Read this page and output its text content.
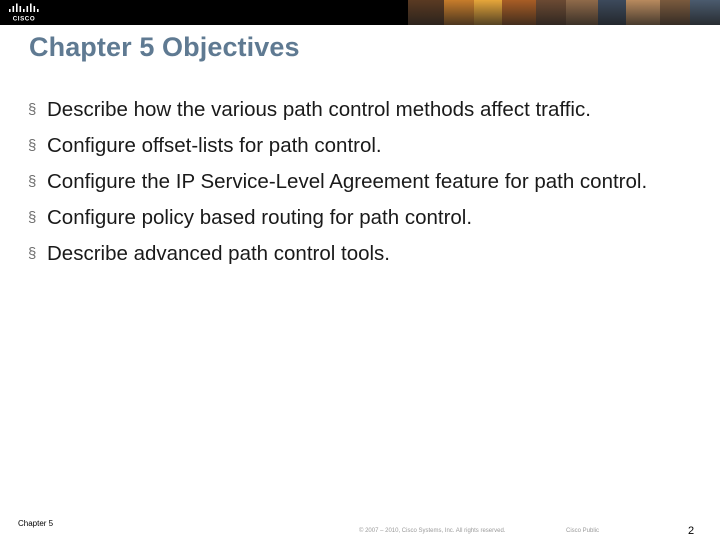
CISCO
Chapter 5 Objectives
§ Describe how the various path control methods affect traffic.
§ Configure offset-lists for path control.
§ Configure the IP Service-Level Agreement feature for path control.
§ Configure policy based routing for path control.
§ Describe advanced path control tools.
Chapter 5
© 2007 – 2010, Cisco Systems, Inc. All rights reserved.	Cisco Public	2
